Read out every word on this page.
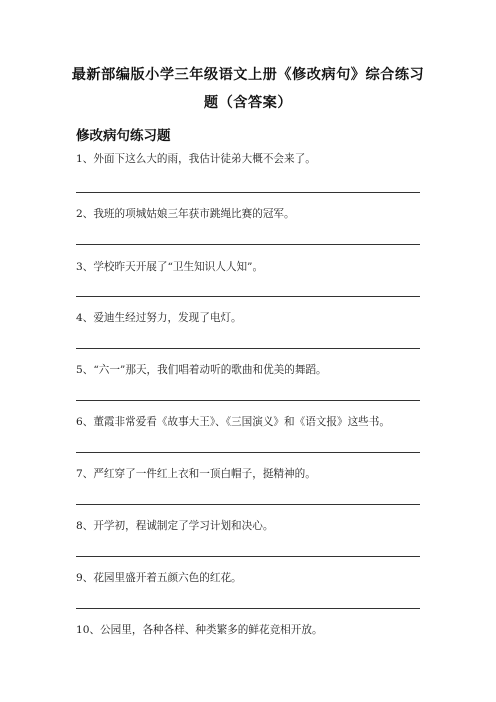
最新部编版小学三年级语文上册《修改病句》综合练习
题（含答案）
修改病句练习题
1、外面下这么大的雨，我估计徒弟大概不会来了。
2、我班的项城姑娘三年获市跳绳比赛的冠军。
3、学校昨天开展了“卫生知识人人知”。
4、爱迪生经过努力，发现了电灯。
5、“六一”那天，我们唱着动听的歌曲和优美的舞蹈。
6、董霞非常爱看《故事大王》、《三国演义》和《语文报》这些书。
7、严红穿了一件红上衣和一顶白帽子，挺精神的。
8、开学初，程诚制定了学习计划和决心。
9、花园里盛开着五颜六色的红花。
10、公园里，各种各样、种类繁多的鲜花竞相开放。
